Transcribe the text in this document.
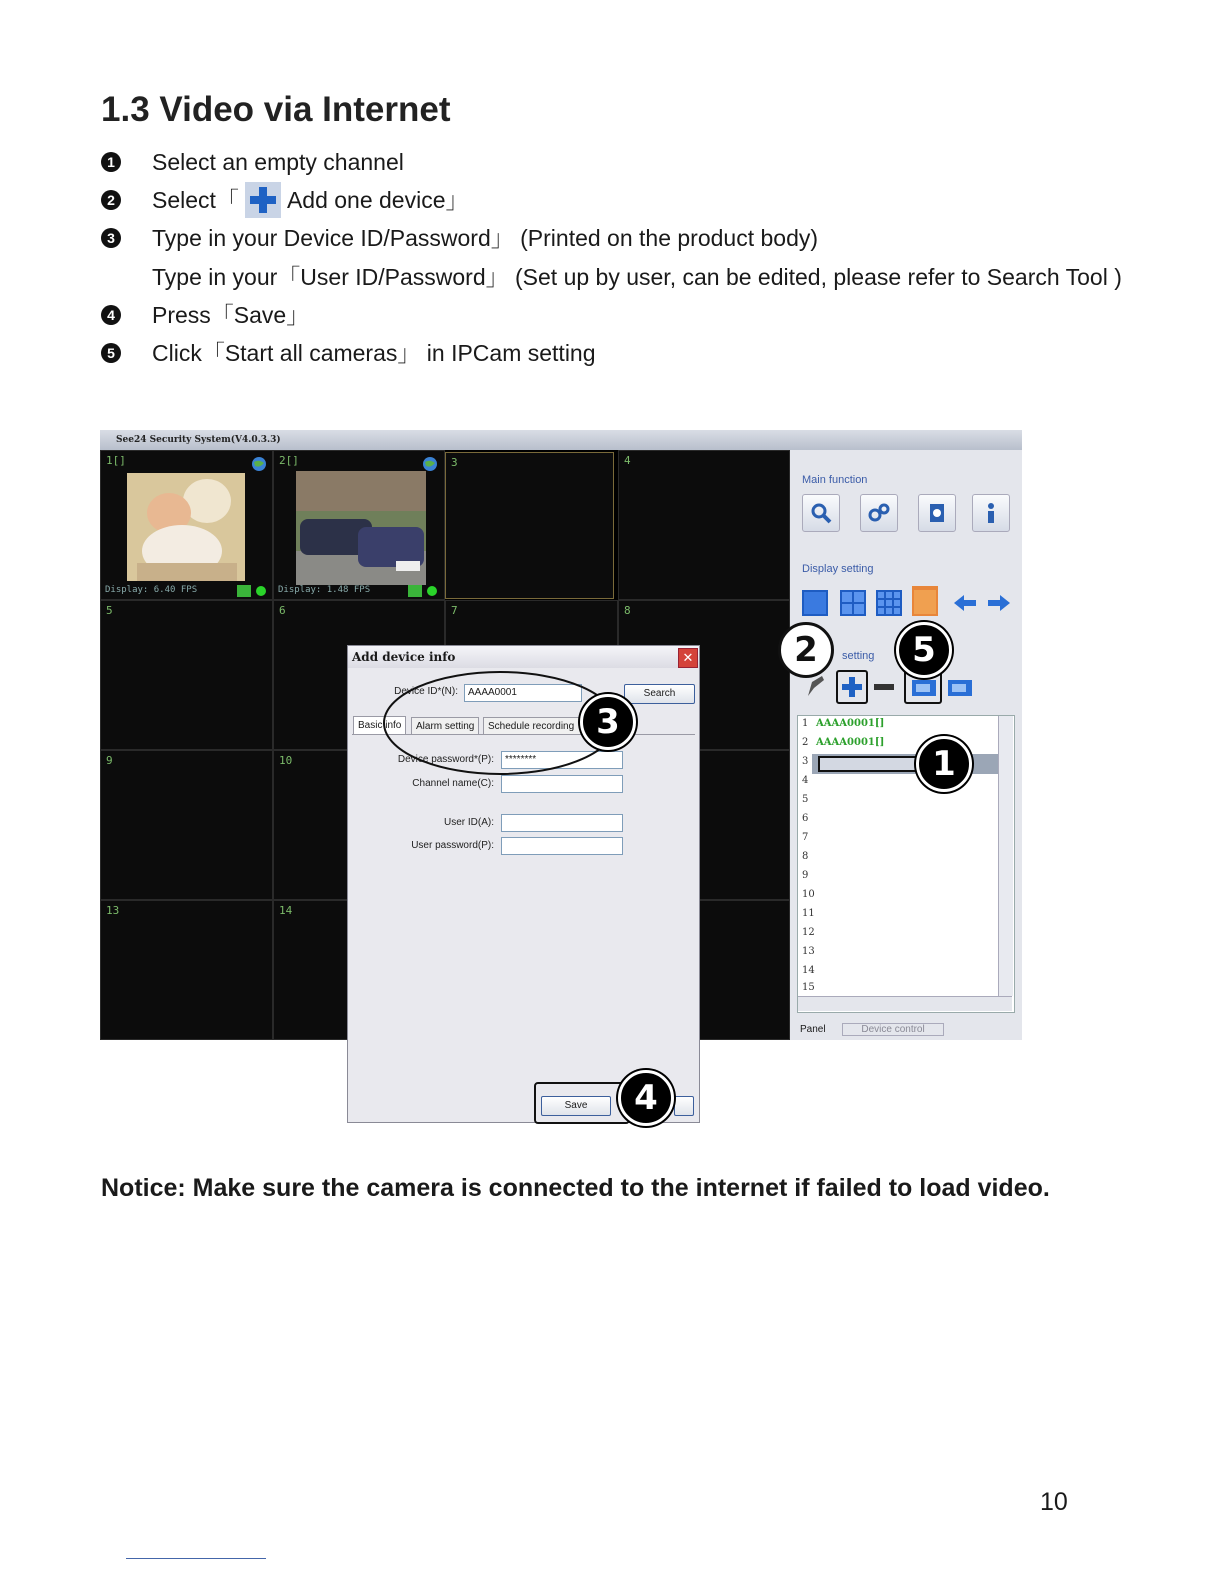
1.3 Video via Internet
1 Select an empty channel
2 Select「 Add one device」
3 Type in your Device ID/Password」 (Printed on the product body)
Type in your「User ID/Password」 (Set up by user, can be edited, please refer to Search Tool )
4 Press「Save」
5 Click「Start all cameras」 in IPCam setting
See24 Security System(V4.0.3.3)
1[]
Display: 6.40 FPS
2[]
Display: 1.48 FPS
3	4
5	6	7	8
9	10
13	14
Main function
Display setting
setting
1 AAAA0001[]
2 AAAA0001[]
3
4
5
6
7
8
9
10
11
12
13
14
15
Panel	Device control
Add device info	✕
Device ID*(N):	AAAA0001	Search
Basic info	Alarm setting	Schedule recording
Device password*(P):	********
Channel name(C):
User ID(A):
User password(P):
Save
1
2
3
4
5
Notice: Make sure the camera is connected to the internet if failed to load video.
10
